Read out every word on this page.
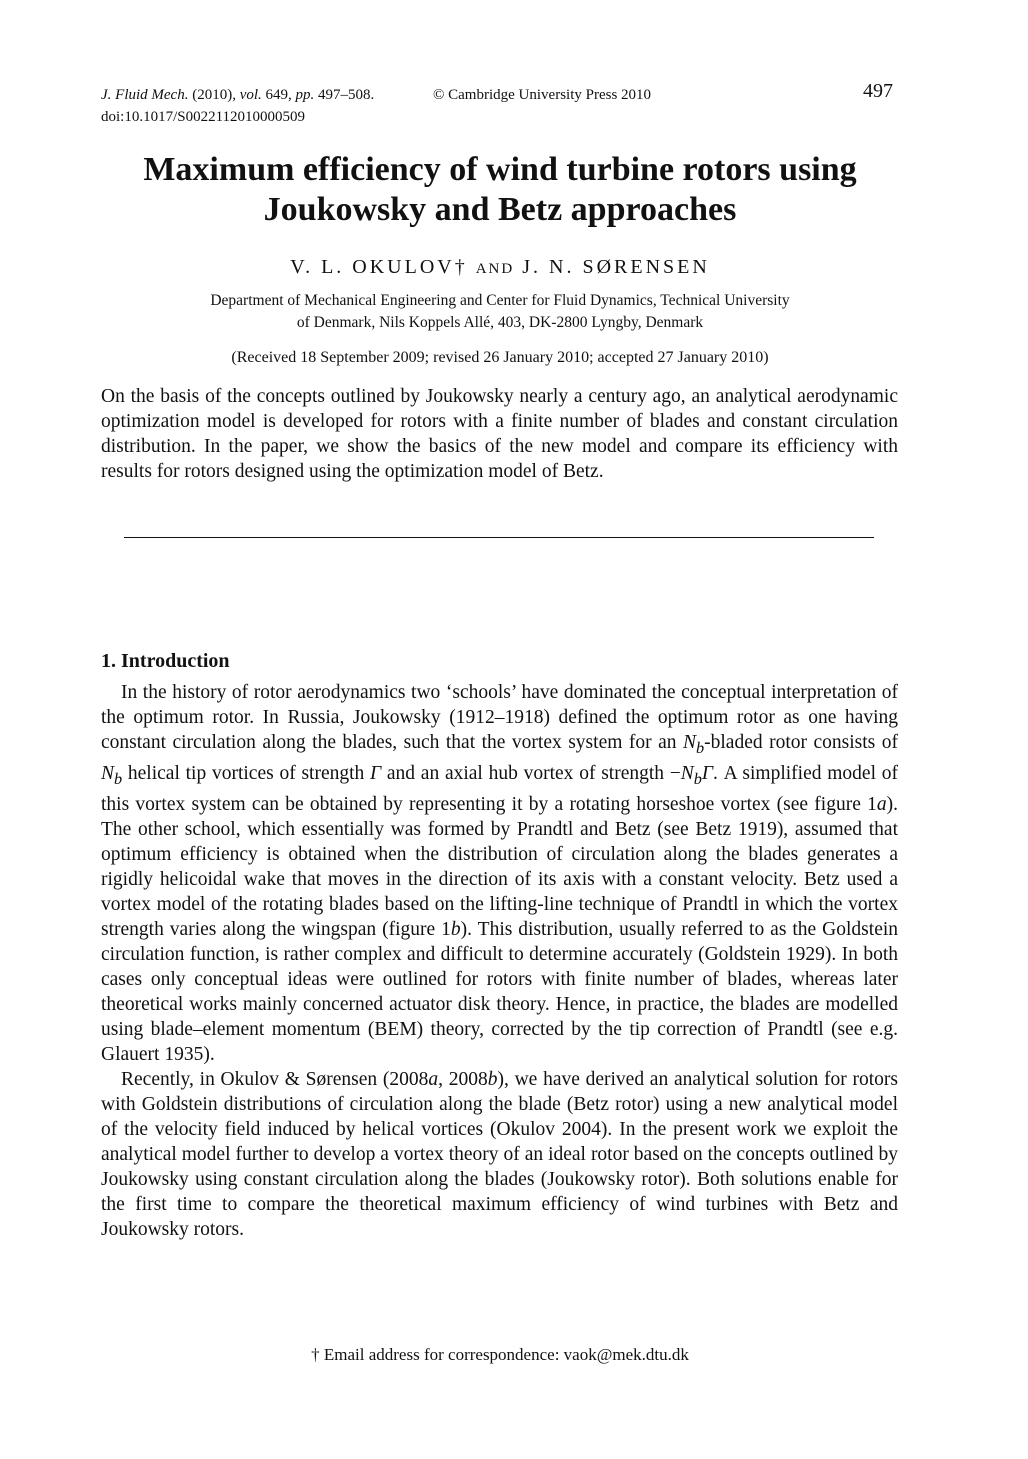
J. Fluid Mech. (2010), vol. 649, pp. 497–508.	© Cambridge University Press 2010	497
doi:10.1017/S0022112010000509
Maximum efficiency of wind turbine rotors using
Joukowsky and Betz approaches
V. L. OKULOV† AND J. N. SØRENSEN
Department of Mechanical Engineering and Center for Fluid Dynamics, Technical University
of Denmark, Nils Koppels Allé, 403, DK-2800 Lyngby, Denmark
(Received 18 September 2009; revised 26 January 2010; accepted 27 January 2010)
On the basis of the concepts outlined by Joukowsky nearly a century ago, an analytical aerodynamic optimization model is developed for rotors with a finite number of blades and constant circulation distribution. In the paper, we show the basics of the new model and compare its efficiency with results for rotors designed using the optimization model of Betz.
1. Introduction

In the history of rotor aerodynamics two ‘schools’ have dominated the conceptual interpretation of the optimum rotor. In Russia, Joukowsky (1912–1918) defined the optimum rotor as one having constant circulation along the blades, such that the vortex system for an $N_b$-bladed rotor consists of $N_b$ helical tip vortices of strength Γ and an axial hub vortex of strength $-N_b\Gamma$. A simplified model of this vortex system can be obtained by representing it by a rotating horseshoe vortex (see figure 1a). The other school, which essentially was formed by Prandtl and Betz (see Betz 1919), assumed that optimum efficiency is obtained when the distribution of circulation along the blades generates a rigidly helicoidal wake that moves in the direction of its axis with a constant velocity. Betz used a vortex model of the rotating blades based on the lifting-line technique of Prandtl in which the vortex strength varies along the wingspan (figure 1b). This distribution, usually referred to as the Goldstein circulation function, is rather complex and difficult to determine accurately (Goldstein 1929). In both cases only conceptual ideas were outlined for rotors with finite number of blades, whereas later theoretical works mainly concerned actuator disk theory. Hence, in practice, the blades are modelled using blade–element momentum (BEM) theory, corrected by the tip correction of Prandtl (see e.g. Glauert 1935).

Recently, in Okulov & Sørensen (2008a, 2008b), we have derived an analytical solution for rotors with Goldstein distributions of circulation along the blade (Betz rotor) using a new analytical model of the velocity field induced by helical vortices (Okulov 2004). In the present work we exploit the analytical model further to develop a vortex theory of an ideal rotor based on the concepts outlined by Joukowsky using constant circulation along the blades (Joukowsky rotor). Both solutions enable for the first time to compare the theoretical maximum efficiency of wind turbines with Betz and Joukowsky rotors.

† Email address for correspondence: vaok@mek.dtu.dk
